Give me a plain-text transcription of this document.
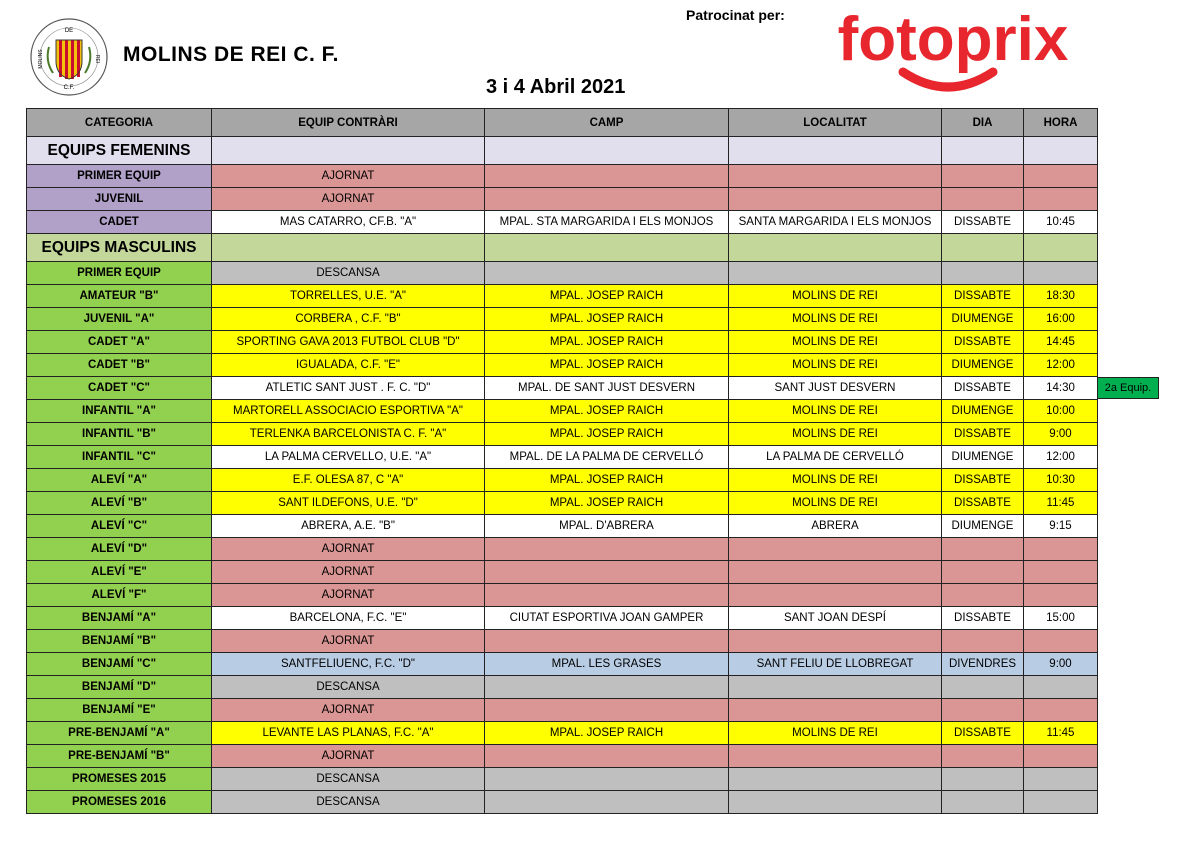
DE
MOLINS	REI
C.F.
MOLINS DE REI C. F.
3 i 4 Abril 2021
Patrocinat per: fotoprix
CATEGORIA	EQUIP CONTRÀRI	CAMP	LOCALITAT	DIA	HORA
EQUIPS FEMENINS					
PRIMER EQUIP	AJORNAT				
JUVENIL	AJORNAT				
CADET	MAS CATARRO, CF.B. "A"	MPAL. STA MARGARIDA I ELS MONJOS	SANTA MARGARIDA I ELS MONJOS	DISSABTE	10:45
EQUIPS MASCULINS					
PRIMER EQUIP	DESCANSA				
AMATEUR "B"	TORRELLES, U.E. "A"	MPAL. JOSEP RAICH	MOLINS DE REI	DISSABTE	18:30
JUVENIL "A"	CORBERA , C.F. "B"	MPAL. JOSEP RAICH	MOLINS DE REI	DIUMENGE	16:00
CADET "A"	SPORTING GAVA 2013 FUTBOL CLUB "D"	MPAL. JOSEP RAICH	MOLINS DE REI	DISSABTE	14:45
CADET "B"	IGUALADA, C.F. "E"	MPAL. JOSEP RAICH	MOLINS DE REI	DIUMENGE	12:00
CADET "C"	ATLETIC SANT JUST . F. C. "D"	MPAL. DE SANT JUST DESVERN	SANT JUST DESVERN	DISSABTE	14:30
INFANTIL "A"	MARTORELL ASSOCIACIO ESPORTIVA "A"	MPAL. JOSEP RAICH	MOLINS DE REI	DIUMENGE	10:00
INFANTIL "B"	TERLENKA BARCELONISTA C. F. "A"	MPAL. JOSEP RAICH	MOLINS DE REI	DISSABTE	9:00
INFANTIL "C"	LA PALMA CERVELLO, U.E. "A"	MPAL. DE LA PALMA DE CERVELLÓ	LA PALMA DE CERVELLÓ	DIUMENGE	12:00
ALEVÍ "A"	E.F. OLESA 87, C "A"	MPAL. JOSEP RAICH	MOLINS DE REI	DISSABTE	10:30
ALEVÍ "B"	SANT ILDEFONS, U.E. "D"	MPAL. JOSEP RAICH	MOLINS DE REI	DISSABTE	11:45
ALEVÍ "C"	ABRERA, A.E. "B"	MPAL. D'ABRERA	ABRERA	DIUMENGE	9:15
ALEVÍ "D"	AJORNAT				
ALEVÍ "E"	AJORNAT				
ALEVÍ "F"	AJORNAT				
BENJAMÍ "A"	BARCELONA, F.C. "E"	CIUTAT ESPORTIVA JOAN GAMPER	SANT JOAN DESPÍ	DISSABTE	15:00
BENJAMÍ "B"	AJORNAT				
BENJAMÍ "C"	SANTFELIUENC, F.C. "D"	MPAL. LES GRASES	SANT FELIU DE LLOBREGAT	DIVENDRES	9:00
BENJAMÍ "D"	DESCANSA				
BENJAMÍ "E"	AJORNAT				
PRE-BENJAMÍ "A"	LEVANTE LAS PLANAS, F.C. "A"	MPAL. JOSEP RAICH	MOLINS DE REI	DISSABTE	11:45
PRE-BENJAMÍ "B"	AJORNAT				
PROMESES 2015	DESCANSA				
PROMESES 2016	DESCANSA				
2a Equip.
